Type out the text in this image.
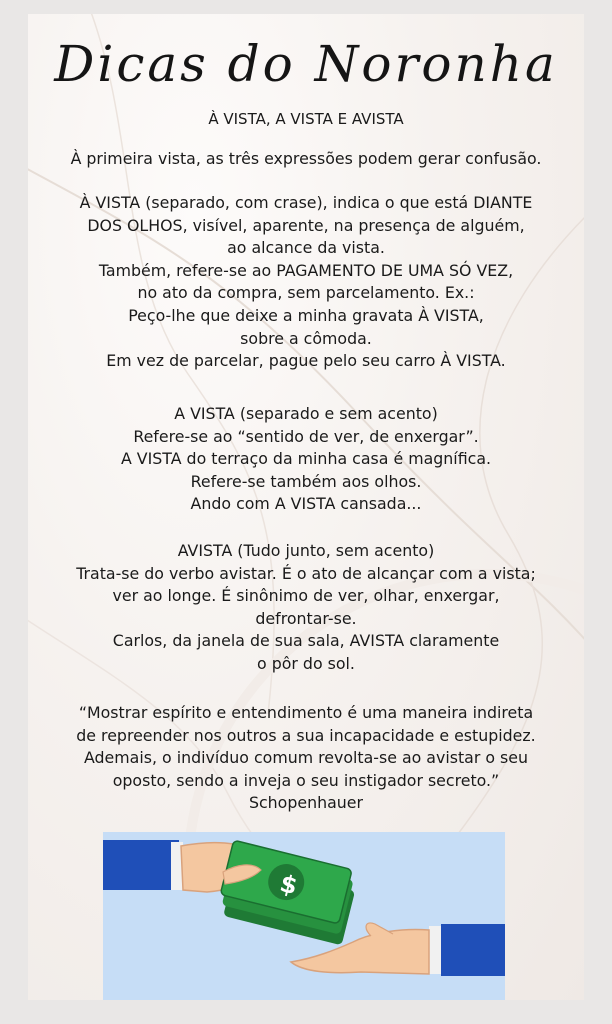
Dicas do Noronha
À VISTA, A VISTA E AVISTA
À primeira vista, as três expressões podem gerar confusão.
À VISTA (separado, com crase), indica o que está DIANTE
DOS OLHOS, visível, aparente, na presença de alguém,
ao alcance da vista.
Também, refere-se ao PAGAMENTO DE UMA SÓ VEZ,
no ato da compra, sem parcelamento. Ex.:
Peço-lhe que deixe a minha gravata À VISTA,
sobre a cômoda.
Em vez de parcelar, pague pelo seu carro À VISTA.
A VISTA (separado e sem acento)
Refere-se ao “sentido de ver, de enxergar”.
A VISTA do terraço da minha casa é magnífica.
Refere-se também aos olhos.
Ando com A VISTA cansada...
AVISTA (Tudo junto, sem acento)
Trata-se do verbo avistar. É o ato de alcançar com a vista;
ver ao longe. É sinônimo de ver, olhar, enxergar,
defrontar-se.
Carlos, da janela de sua sala, AVISTA claramente
o pôr do sol.
“Mostrar espírito e entendimento é uma maneira indireta
de repreender nos outros a sua incapacidade e estupidez.
Ademais, o indivíduo comum revolta-se ao avistar o seu
oposto, sendo a inveja o seu instigador secreto.”
Schopenhauer
$
